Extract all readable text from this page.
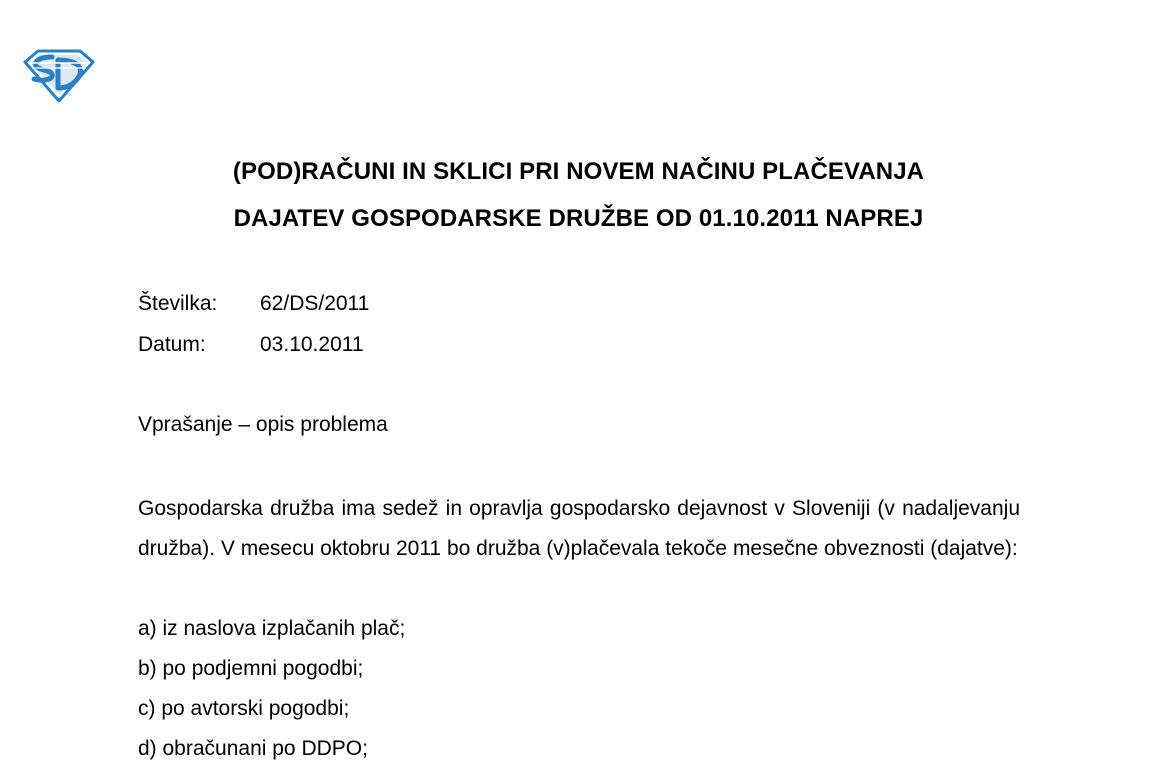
(POD)RAČUNI IN SKLICI PRI NOVEM NAČINU PLAČEVANJA
DAJATEV GOSPODARSKE DRUŽBE OD 01.10.2011 NAPREJ
Številka: 62/DS/2011
Datum:	03.10.2011
Vprašanje – opis problema
Gospodarska družba ima sedež in opravlja gospodarsko dejavnost v Sloveniji (v nadaljevanju družba). V mesecu oktobru 2011 bo družba (v)plačevala tekoče mesečne obveznosti (dajatve):
a) iz naslova izplačanih plač;
b) po podjemni pogodbi;
c) po avtorski pogodbi;
d) obračunani po DDPO;
